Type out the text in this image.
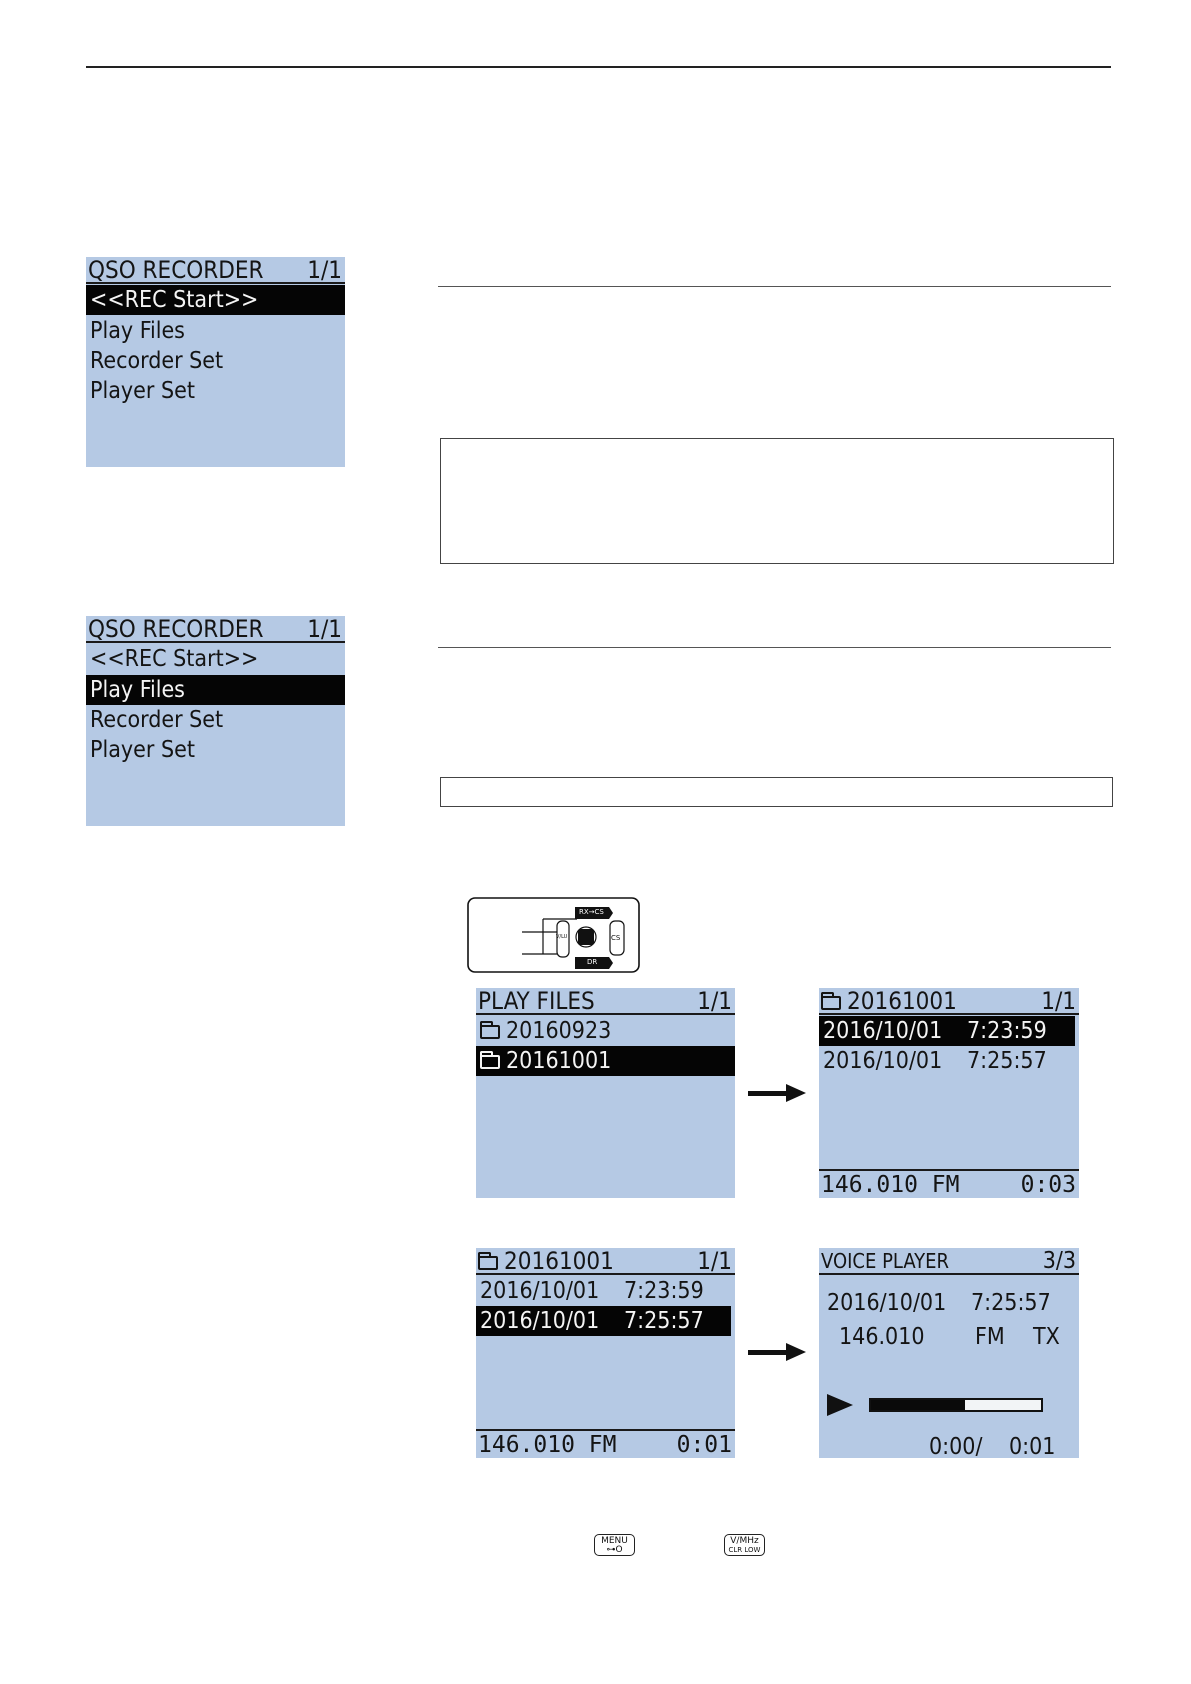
QSO RECORDER 1/1
<<REC Start>>
Play Files
Recorder Set
Player Set
QSO RECORDER 1/1
<<REC Start>>
Play Files
Recorder Set
Player Set
RX→CS
V/LU	CS
DR
PLAY FILES	1/1
20160923
20161001
20161001	1/1
2016/10/01 7:23:59
2016/10/01 7:25:57
146.010 FM	0:03
20161001	1/1
2016/10/01 7:23:59
2016/10/01 7:25:57
146.010 FM	0:01
VOICE PLAYER	3/3
2016/10/01 7:25:57
146.010 FM TX
0:00/ 0:01
MENU
⊶O
V/MHz
CLR LOW
